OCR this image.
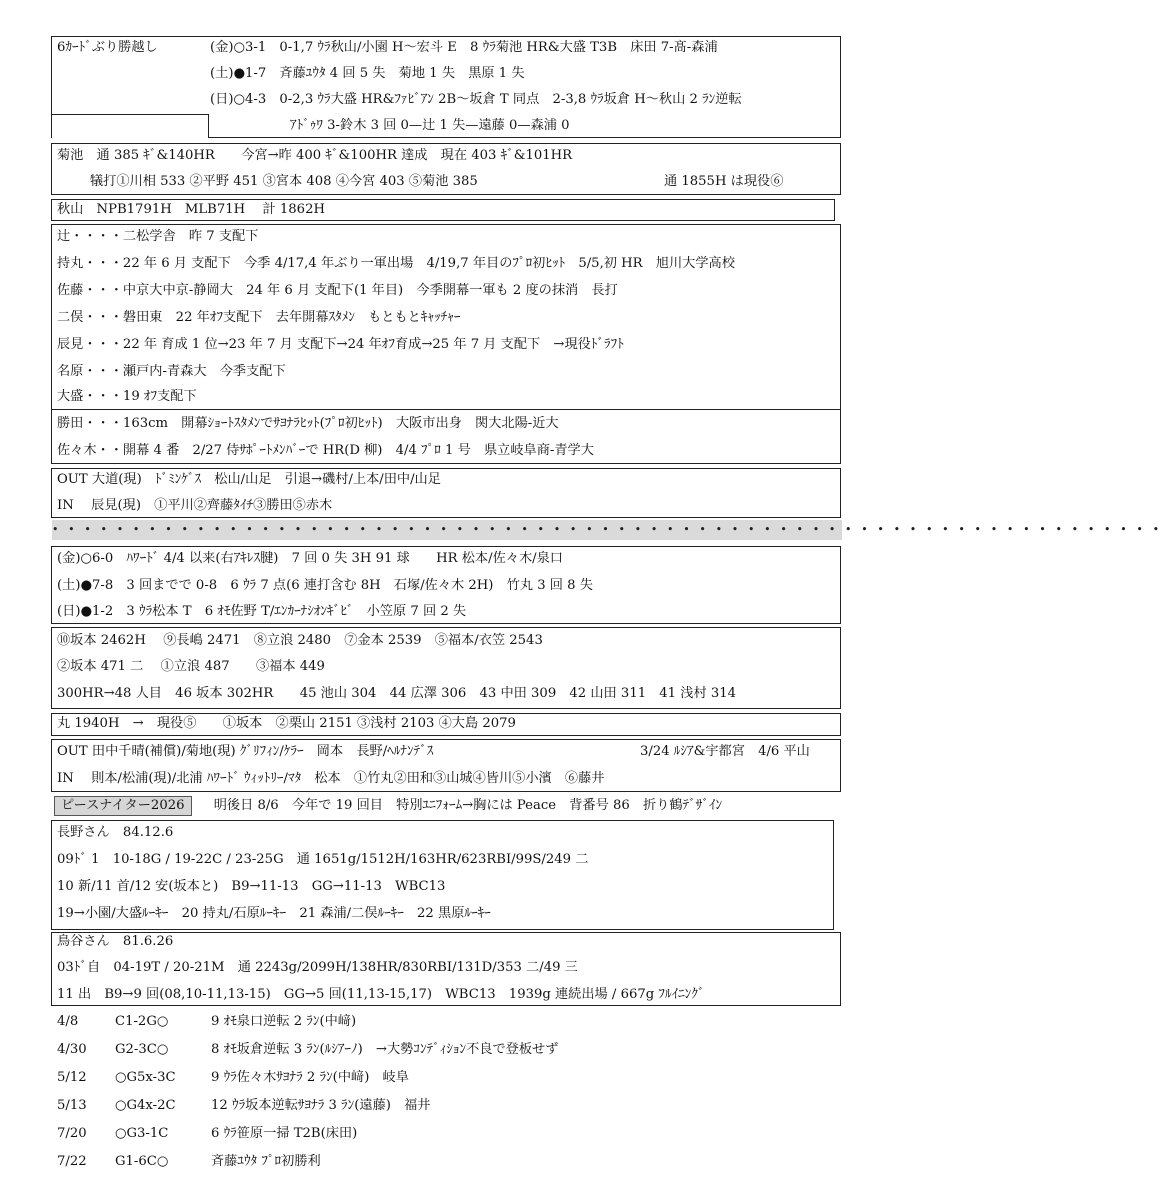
6ｶｰﾄﾞぶり勝越し	(金)○3-1　0-1,7 ｳﾗ秋山/小園 H～宏斗 E　8 ｳﾗ菊池 HR&大盛 T3B　床田 7-髙-森浦
(土)●1-7　斉藤ﾕｳﾀ 4 回 5 失　菊地 1 失　黒原 1 失
(日)○4-3　0-2,3 ｳﾗ大盛 HR&ﾌｧﾋﾞｱﾝ 2B～坂倉 T 同点　2-3,8 ｳﾗ坂倉 H～秋山 2 ﾗﾝ逆転
ｱﾄﾞｩﾜ 3-鈴木 3 回 0—辻 1 失—遠藤 0—森浦 0
菊池　通 385 ｷﾞ&140HR　　今宮→昨 400 ｷﾞ&100HR 達成　現在 403 ｷﾞ&101HR
犠打①川相 533 ②平野 451 ③宮本 408 ④今宮 403 ⑤菊池 385	通 1855H は現役⑥
秋山　NPB1791H　MLB71H　 計 1862H
辻・・・・二松学舎　昨 7 支配下
持丸・・・22 年 6 月 支配下　今季 4/17,4 年ぶり一軍出場　4/19,7 年目のﾌﾟﾛ初ﾋｯﾄ　5/5,初 HR　旭川大学高校
佐藤・・・中京大中京-静岡大　24 年 6 月 支配下(1 年目)　今季開幕一軍も 2 度の抹消　長打
二俣・・・磐田東　22 年ｵﾌ支配下　去年開幕ｽﾀﾒﾝ　もともとｷｬｯﾁｬｰ
辰見・・・22 年 育成 1 位→23 年 7 月 支配下→24 年ｵﾌ育成→25 年 7 月 支配下　→現役ﾄﾞﾗﾌﾄ
名原・・・瀬戸内-青森大　今季支配下
大盛・・・19 ｵﾌ支配下
勝田・・・163cm　開幕ｼｮｰﾄｽﾀﾒﾝでｻﾖﾅﾗﾋｯﾄ(ﾌﾟﾛ初ﾋｯﾄ)　大阪市出身　関大北陽-近大
佐々木・・開幕 4 番　2/27 侍ｻﾎﾟｰﾄﾒﾝﾊﾞｰで HR(D 柳)　4/4 ﾌﾟﾛ 1 号　県立岐阜商-青学大
OUT 大道(現)　ﾄﾞﾐﾝｹﾞｽ　松山/山足　引退→磯村/上本/田中/山足
IN　 辰見(現)　①平川②齊藤ﾀｲﾁ③勝田⑤赤木
• • • • • • • • • • • • • • • • • • • • • • • • • • • • • • • • • • • • • • • • • • • • • • • • • • • • • • • • • • • • • • • • • • • • •
(金)○6-0　ﾊﾜｰﾄﾞ 4/4 以来(右ｱｷﾚｽ腱)　7 回 0 失 3H 91 球　　HR 松本/佐々木/泉口
(土)●7-8　3 回までで 0-8　6 ｳﾗ 7 点(6 連打含む 8H　石塚/佐々木 2H)　竹丸 3 回 8 失
(日)●1-2　3 ｳﾗ松本 T　6 ｵﾓ佐野 T/ｴﾝｶｰﾅｼｵﾝｷﾞﾋﾞ　小笠原 7 回 2 失
⑩坂本 2462H　 ⑨長嶋 2471　⑧立浪 2480　⑦金本 2539　⑤福本/衣笠 2543
②坂本 471 二　 ①立浪 487　　③福本 449
300HR→48 人目　46 坂本 302HR　　45 池山 304　44 広澤 306　43 中田 309　42 山田 311　41 浅村 314
丸 1940H　→　現役⑤　　①坂本　②栗山 2151 ③浅村 2103 ④大島 2079
OUT 田中千晴(補償)/菊地(現) ｸﾞﾘﾌｨﾝ/ｹﾗｰ　岡本　長野/ﾍﾙﾅﾝﾃﾞｽ	3/24 ﾙｼｱ&宇都宮　4/6 平山
IN　 則本/松浦(現)/北浦 ﾊﾜｰﾄﾞ ｳｨｯﾄﾘｰ/ﾏﾀ　松本　①竹丸②田和③山城④皆川⑤小濱　⑥藤井
ピースナイター2026 明後日 8/6　今年で 19 回目　特別ﾕﾆﾌｫｰﾑ→胸には Peace　背番号 86　折り鶴ﾃﾞｻﾞｲﾝ
長野さん　84.12.6
09ﾄﾞ 1　10-18G / 19-22C / 23-25G　通 1651g/1512H/163HR/623RBI/99S/249 二
10 新/11 首/12 安(坂本と)　B9→11-13　GG→11-13　WBC13
19→小園/大盛ﾙｰｷｰ　20 持丸/石原ﾙｰｷｰ　21 森浦/二俣ﾙｰｷｰ　22 黒原ﾙｰｷｰ
鳥谷さん　81.6.26
03ﾄﾞ自　04-19T / 20-21M　通 2243g/2099H/138HR/830RBI/131D/353 二/49 三
11 出　B9→9 回(08,10-11,13-15)　GG→5 回(11,13-15,17)　WBC13　1939g 連続出場 / 667g ﾌﾙｲﾆﾝｸﾞ
4/8	C1-2G○	9 ｵﾓ泉口逆転 2 ﾗﾝ(中﨑)
4/30 G2-3C○	8 ｵﾓ坂倉逆転 3 ﾗﾝ(ﾙｼｱｰﾉ)　→大勢ｺﾝﾃﾞｨｼｮﾝ不良で登板せず
5/12 ○G5x-3C	9 ｳﾗ佐々木ｻﾖﾅﾗ 2 ﾗﾝ(中﨑)　岐阜
5/13 ○G4x-2C	12 ｳﾗ坂本逆転ｻﾖﾅﾗ 3 ﾗﾝ(遠藤)　福井
7/20 ○G3-1C	6 ｳﾗ笹原一掃 T2B(床田)
7/22 G1-6C○	斉藤ﾕｳﾀ ﾌﾟﾛ初勝利
